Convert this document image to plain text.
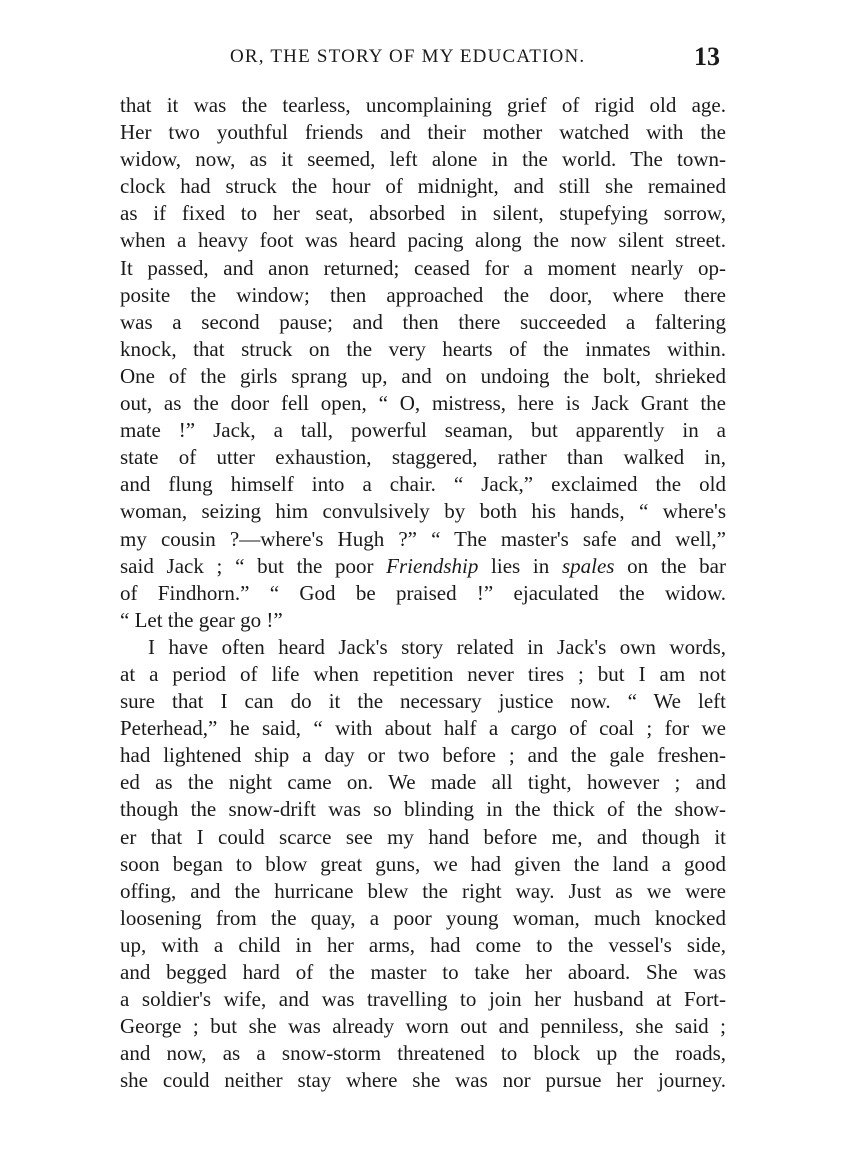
OR, THE STORY OF MY EDUCATION.	13
that it was the tearless, uncomplaining grief of rigid old age.
Her two youthful friends and their mother watched with the
widow, now, as it seemed, left alone in the world. The town-
clock had struck the hour of midnight, and still she remained
as if fixed to her seat, absorbed in silent, stupefying sorrow,
when a heavy foot was heard pacing along the now silent street.
It passed, and anon returned; ceased for a moment nearly op-
posite the window; then approached the door, where there
was a second pause; and then there succeeded a faltering
knock, that struck on the very hearts of the inmates within.
One of the girls sprang up, and on undoing the bolt, shrieked
out, as the door fell open, “ O, mistress, here is Jack Grant the
mate !” Jack, a tall, powerful seaman, but apparently in a
state of utter exhaustion, staggered, rather than walked in,
and flung himself into a chair. “ Jack,” exclaimed the old
woman, seizing him convulsively by both his hands, “ where's
my cousin ?—where's Hugh ?” “ The master's safe and well,”
said Jack ; “ but the poor Friendship lies in spales on the bar
of Findhorn.” “ God be praised !” ejaculated the widow.
“ Let the gear go !”
I have often heard Jack's story related in Jack's own words,
at a period of life when repetition never tires ; but I am not
sure that I can do it the necessary justice now. “ We left
Peterhead,” he said, “ with about half a cargo of coal ; for we
had lightened ship a day or two before ; and the gale freshen-
ed as the night came on. We made all tight, however ; and
though the snow-drift was so blinding in the thick of the show-
er that I could scarce see my hand before me, and though it
soon began to blow great guns, we had given the land a good
offing, and the hurricane blew the right way. Just as we were
loosening from the quay, a poor young woman, much knocked
up, with a child in her arms, had come to the vessel's side,
and begged hard of the master to take her aboard. She was
a soldier's wife, and was travelling to join her husband at Fort-
George ; but she was already worn out and penniless, she said ;
and now, as a snow-storm threatened to block up the roads,
she could neither stay where she was nor pursue her journey.
